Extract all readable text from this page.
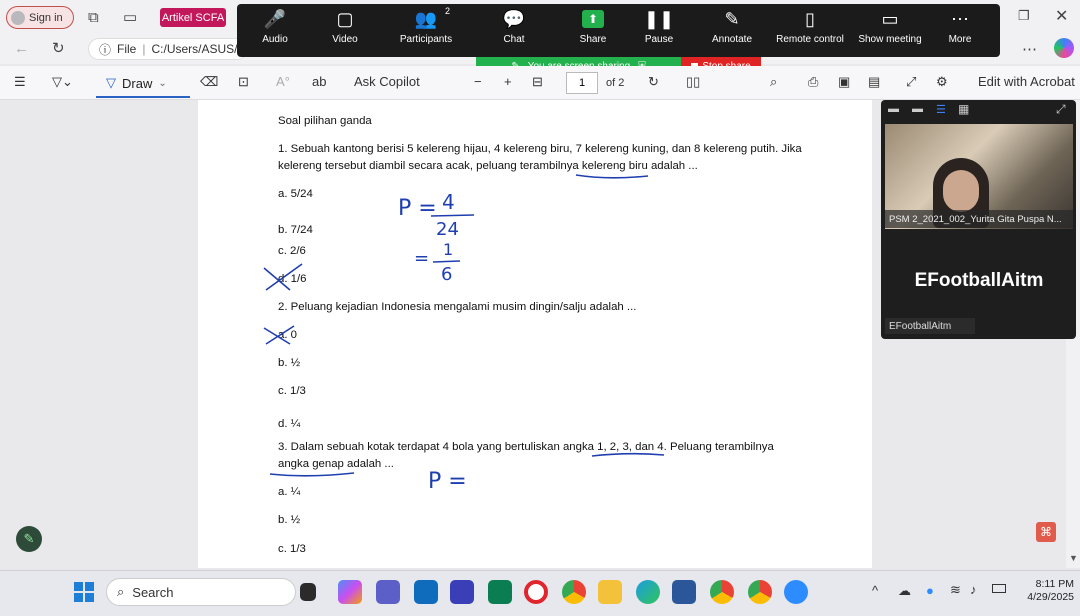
Sign in ⧉ ▭ Artikel SCFA	❐ ✕
← ↻	ⓘ File | C:/Users/ASUS/	⋯
🎤
Audio
▢
Video
👥
Participants
2	💬
Chat
⬆
Share
❚❚
Pause
✎
Annotate
▯
Remote control
▭
Show meeting
⋯
More
☰ ▽⌄	▽ Draw ⌄	⌫ ⊡ A° ab Ask Copilot	− + ⊟	1	of 2 ↻ ▯▯	⌕ ⎙ ▣ ▤ ⤢ ⚙ Edit with Acrobat
Soal pilihan ganda
1. Sebuah kantong berisi 5 kelereng hijau, 4 kelereng biru, 7 kelereng kuning, dan 8 kelereng putih. Jika
kelereng tersebut diambil secara acak, peluang terambilnya kelereng biru adalah ...
a. 5/24
b. 7/24
c. 2/6
d. 1/6
2. Peluang kejadian Indonesia mengalami musim dingin/salju adalah ...
a. 0
b. ½
c. 1/3
d. ¼
3. Dalam sebuah kotak terdapat 4 bola yang bertuliskan angka 1, 2, 3, dan 4. Peluang terambilnya
angka genap adalah ...
a. ¼
b. ½
c. 1/3
P = 4
24
= 1
6
P =
▼
▬ ▬ ☰ ▦	⤢
PSM 2_2021_002_Yurita Gita Puspa N...
EFootballAitm
EFootballAitm
✎	⌘
⌕ Search	^ ☁ ● ≋ ♪	8:11 PM
4/29/2025
